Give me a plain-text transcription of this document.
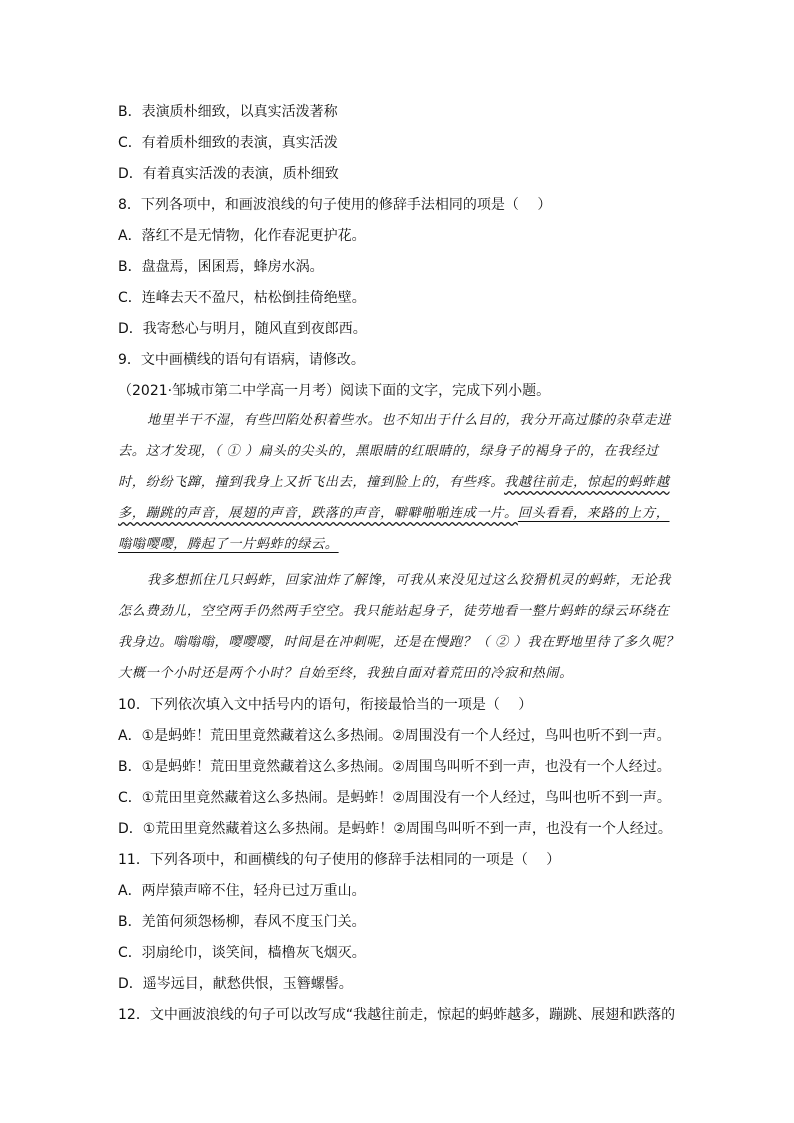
B．表演质朴细致，以真实活泼著称
C．有着质朴细致的表演，真实活泼
D．有着真实活泼的表演，质朴细致
8．下列各项中，和画波浪线的句子使用的修辞手法相同的项是（　 ）
A．落红不是无情物，化作春泥更护花。
B．盘盘焉，囷囷焉，蜂房水涡。
C．连峰去天不盈尺，枯松倒挂倚绝壁。
D．我寄愁心与明月，随风直到夜郎西。
9．文中画横线的语句有语病，请修改。
（2021·邹城市第二中学高一月考）阅读下面的文字，完成下列小题。
地里半干不湿，有些凹陷处积着些水。也不知出于什么目的，我分开高过膝的杂草走进
去。这才发现，（ ① ）扁头的尖头的，黑眼睛的红眼睛的，绿身子的褐身子的，在我经过
时，纷纷飞蹿，撞到我身上又折飞出去，撞到脸上的，有些疼。我越往前走，惊起的蚂蚱越
多，蹦跳的声音，展翅的声音，跌落的声音，噼噼啪啪连成一片。回头看看，来路的上方，
嗡嗡嘤嘤，腾起了一片蚂蚱的绿云。
我多想抓住几只蚂蚱，回家油炸了解馋，可我从来没见过这么狡猾机灵的蚂蚱，无论我
怎么费劲儿，空空两手仍然两手空空。我只能站起身子，徒劳地看一整片蚂蚱的绿云环绕在
我身边。嗡嗡嗡，嘤嘤嘤，时间是在冲刺呢，还是在慢跑？（ ② ）我在野地里待了多久呢？
大概一个小时还是两个小时？自始至终，我独自面对着荒田的冷寂和热闹。
10．下列依次填入文中括号内的语句，衔接最恰当的一项是（　 ）
A．①是蚂蚱！荒田里竟然藏着这么多热闹。②周围没有一个人经过，鸟叫也听不到一声。
B．①是蚂蚱！荒田里竟然藏着这么多热闹。②周围鸟叫听不到一声，也没有一个人经过。
C．①荒田里竟然藏着这么多热闹。是蚂蚱！②周围没有一个人经过，鸟叫也听不到一声。
D．①荒田里竟然藏着这么多热闹。是蚂蚱！②周围鸟叫听不到一声，也没有一个人经过。
11．下列各项中，和画横线的句子使用的修辞手法相同的一项是（　 ）
A．两岸猿声啼不住，轻舟已过万重山。
B．羌笛何须怨杨柳，春风不度玉门关。
C．羽扇纶巾，谈笑间，樯橹灰飞烟灭。
D．遥岑远目，献愁供恨，玉簪螺髻。
12．文中画波浪线的句子可以改写成“我越往前走，惊起的蚂蚱越多，蹦跳、展翅和跌落的
